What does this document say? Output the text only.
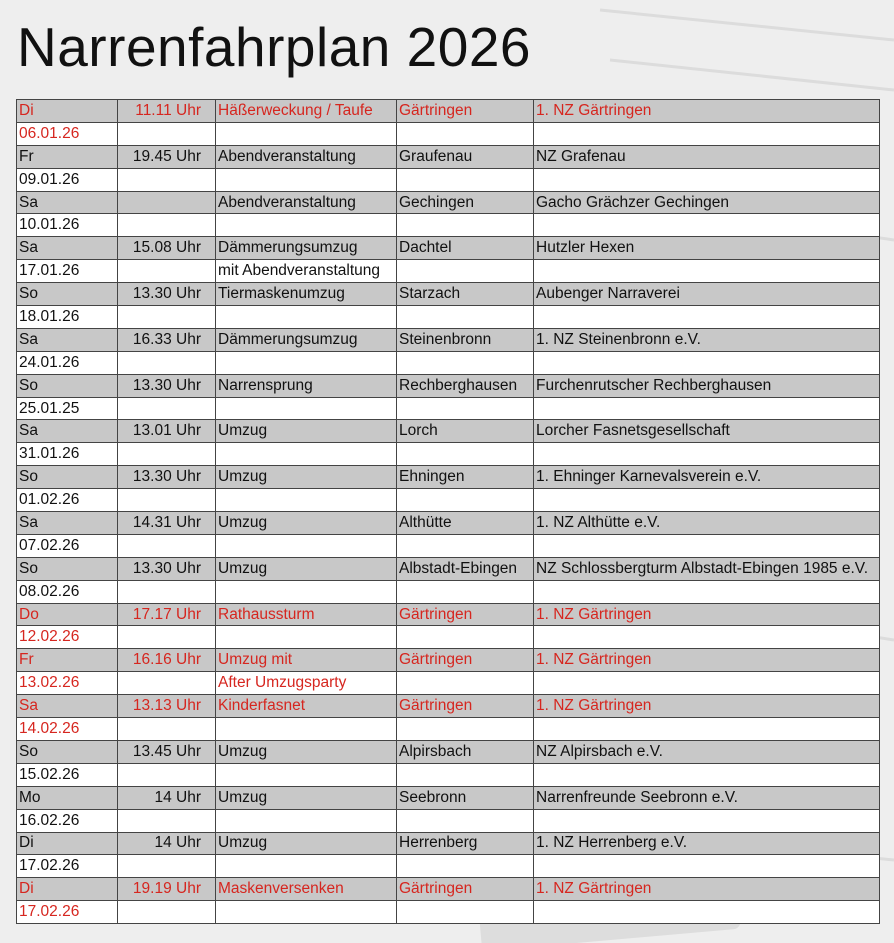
Narrenfahrplan 2026
Di	11.11 Uhr	Häßerweckung / Taufe	Gärtringen	1. NZ Gärtringen
06.01.26				
Fr	19.45 Uhr	Abendveranstaltung	Graufenau	NZ Grafenau
09.01.26				
Sa		Abendveranstaltung	Gechingen	Gacho Grächzer Gechingen
10.01.26				
Sa	15.08 Uhr	Dämmerungsumzug	Dachtel	Hutzler Hexen
17.01.26		mit Abendveranstaltung		
So	13.30 Uhr	Tiermaskenumzug	Starzach	Aubenger Narraverei
18.01.26				
Sa	16.33 Uhr	Dämmerungsumzug	Steinenbronn	1. NZ Steinenbronn e.V.
24.01.26				
So	13.30 Uhr	Narrensprung	Rechberghausen	Furchenrutscher Rechberghausen
25.01.25				
Sa	13.01 Uhr	Umzug	Lorch	Lorcher Fasnetsgesellschaft
31.01.26				
So	13.30 Uhr	Umzug	Ehningen	1. Ehninger Karnevalsverein e.V.
01.02.26				
Sa	14.31 Uhr	Umzug	Althütte	1. NZ Althütte e.V.
07.02.26				
So	13.30 Uhr	Umzug	Albstadt-Ebingen	NZ Schlossbergturm Albstadt-Ebingen 1985 e.V.
08.02.26				
Do	17.17 Uhr	Rathaussturm	Gärtringen	1. NZ Gärtringen
12.02.26				
Fr	16.16 Uhr	Umzug mit	Gärtringen	1. NZ Gärtringen
13.02.26		After Umzugsparty		
Sa	13.13 Uhr	Kinderfasnet	Gärtringen	1. NZ Gärtringen
14.02.26				
So	13.45 Uhr	Umzug	Alpirsbach	NZ Alpirsbach e.V.
15.02.26				
Mo	14 Uhr	Umzug	Seebronn	Narrenfreunde Seebronn e.V.
16.02.26				
Di	14 Uhr	Umzug	Herrenberg	1. NZ Herrenberg e.V.
17.02.26				
Di	19.19 Uhr	Maskenversenken	Gärtringen	1. NZ Gärtringen
17.02.26				
